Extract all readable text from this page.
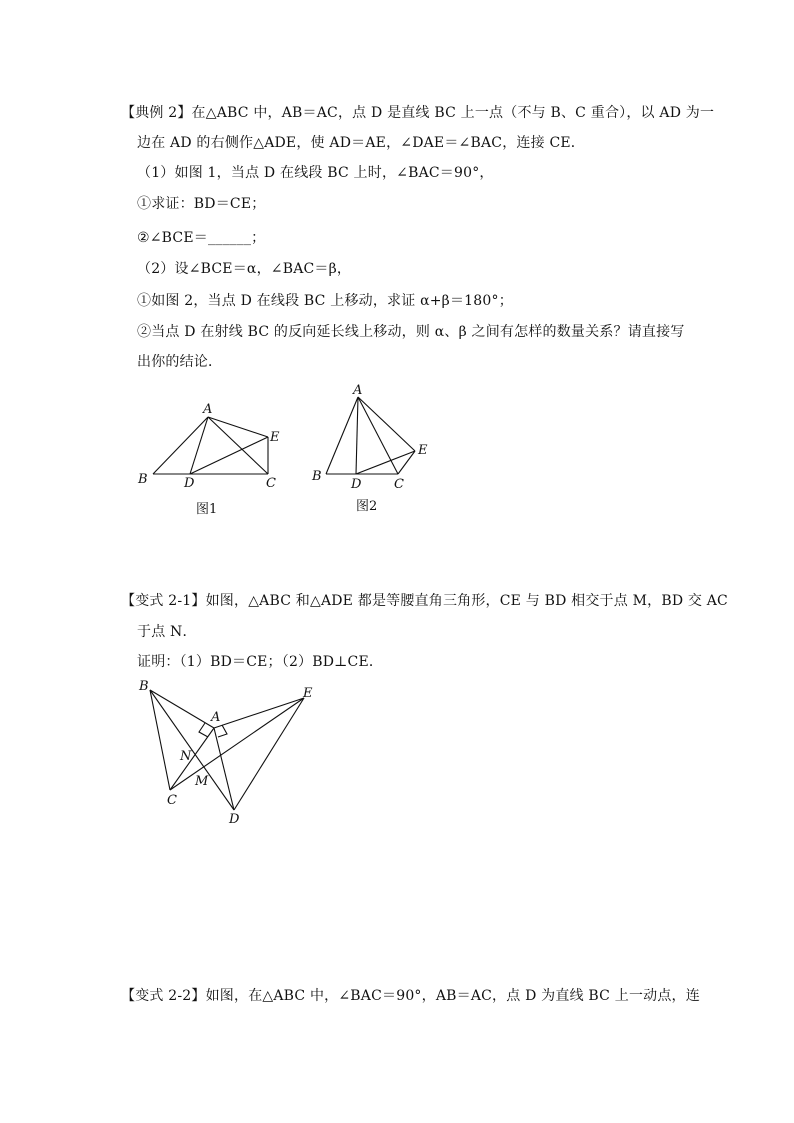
【典例 2】在△ABC 中，AB＝AC，点 D 是直线 BC 上一点（不与 B、C 重合），以 AD 为一
边在 AD 的右侧作△ADE，使 AD＝AE，∠DAE＝∠BAC，连接 CE．
（1）如图 1，当点 D 在线段 BC 上时，∠BAC＝90°，
①求证：BD＝CE；
②∠BCE＝______；
（2）设∠BCE＝α，∠BAC＝β，
①如图 2，当点 D 在线段 BC 上移动，求证 α+β＝180°；
②当点 D 在射线 BC 的反向延长线上移动，则 α、β 之间有怎样的数量关系？请直接写
出你的结论．
A
B	C
D
E
图1
A
B
C
D
E
图2
B	E
A
N
M
C
D
【变式 2-1】如图，△ABC 和△ADE 都是等腰直角三角形，CE 与 BD 相交于点 M，BD 交 AC
于点 N．
证明：（1）BD＝CE；（2）BD⊥CE．
【变式 2-2】如图，在△ABC 中，∠BAC＝90°，AB＝AC，点 D 为直线 BC 上一动点，连
